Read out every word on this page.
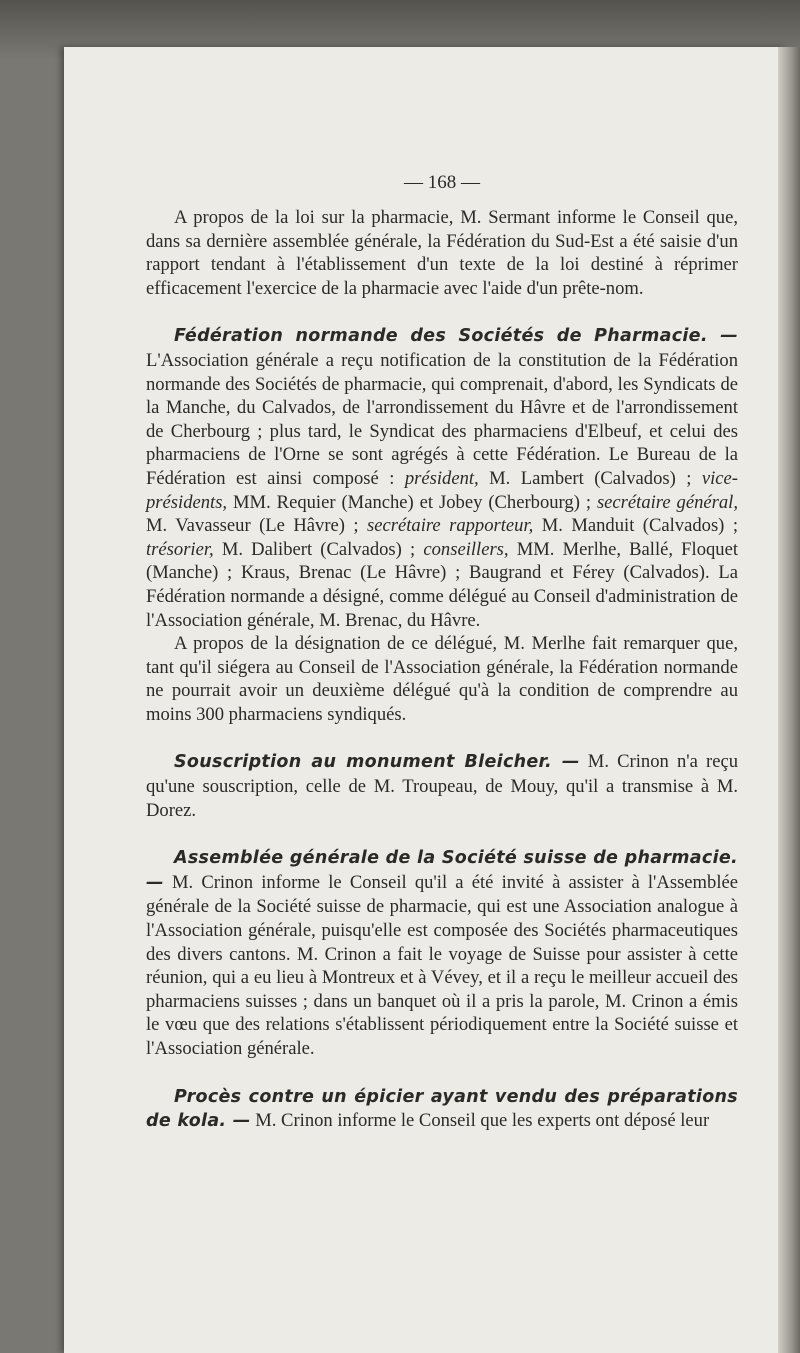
— 168 —

A propos de la loi sur la pharmacie, M. Sermant informe le Conseil que, dans sa dernière assemblée générale, la Fédération du Sud-Est a été saisie d'un rapport tendant à l'établissement d'un texte de la loi destiné à réprimer efficacement l'exercice de la pharmacie avec l'aide d'un prête-nom.

Fédération normande des Sociétés de Pharmacie. — L'Association générale a reçu notification de la constitution de la Fédération normande des Sociétés de pharmacie, qui comprenait, d'abord, les Syndicats de la Manche, du Calvados, de l'arrondissement du Hâvre et de l'arrondissement de Cherbourg ; plus tard, le Syndicat des pharmaciens d'Elbeuf, et celui des pharmaciens de l'Orne se sont agrégés à cette Fédération. Le Bureau de la Fédération est ainsi composé : président, M. Lambert (Calvados) ; vice-présidents, MM. Requier (Manche) et Jobey (Cherbourg) ; secrétaire général, M. Vavasseur (Le Hâvre) ; secrétaire rapporteur, M. Manduit (Calvados) ; trésorier, M. Dalibert (Calvados) ; conseillers, MM. Merlhe, Ballé, Floquet (Manche) ; Kraus, Brenac (Le Hâvre) ; Baugrand et Férey (Calvados). La Fédération normande a désigné, comme délégué au Conseil d'administration de l'Association générale, M. Brenac, du Hâvre.

A propos de la désignation de ce délégué, M. Merlhe fait remarquer que, tant qu'il siégera au Conseil de l'Association générale, la Fédération normande ne pourrait avoir un deuxième délégué qu'à la condition de comprendre au moins 300 pharmaciens syndiqués.

Souscription au monument Bleicher. — M. Crinon n'a reçu qu'une souscription, celle de M. Troupeau, de Mouy, qu'il a transmise à M. Dorez.

Assemblée générale de la Société suisse de pharmacie. — M. Crinon informe le Conseil qu'il a été invité à assister à l'Assemblée générale de la Société suisse de pharmacie, qui est une Association analogue à l'Association générale, puisqu'elle est composée des Sociétés pharmaceutiques des divers cantons. M. Crinon a fait le voyage de Suisse pour assister à cette réunion, qui a eu lieu à Montreux et à Vévey, et il a reçu le meilleur accueil des pharmaciens suisses ; dans un banquet où il a pris la parole, M. Crinon a émis le vœu que des relations s'établissent périodiquement entre la Société suisse et l'Association générale.

Procès contre un épicier ayant vendu des préparations de kola. — M. Crinon informe le Conseil que les experts ont déposé leur
